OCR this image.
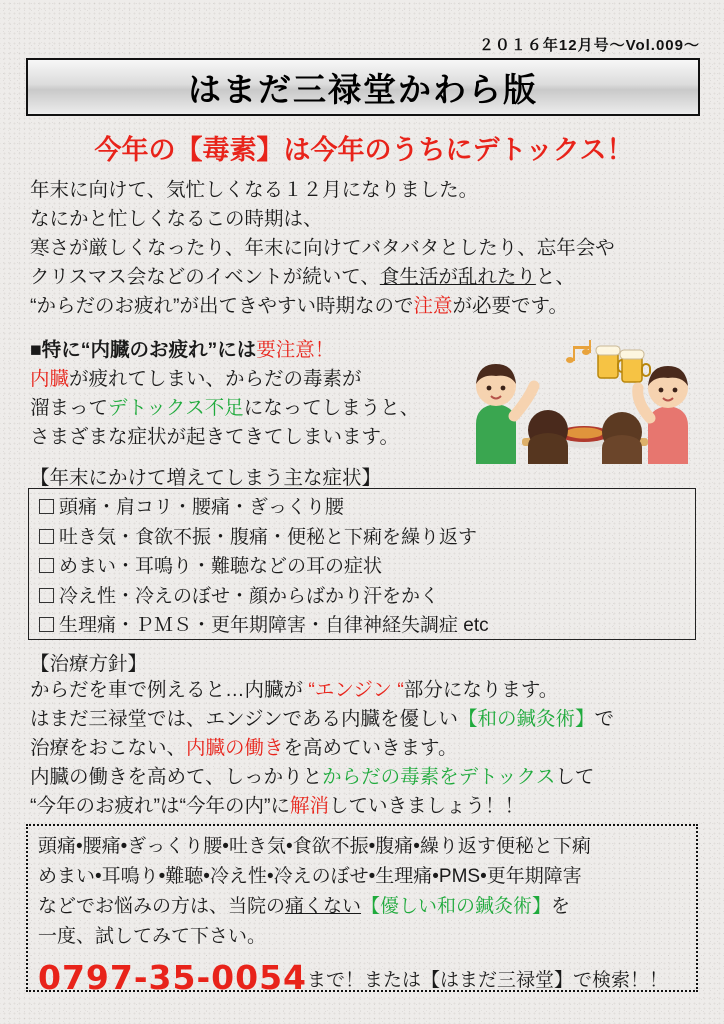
２０１６年12月号〜Vol.009〜
はまだ三禄堂かわら版
今年の【毒素】は今年のうちにデトックス！
年末に向けて、気忙しくなる１２月になりました。
なにかと忙しくなるこの時期は、
寒さが厳しくなったり、年末に向けてバタバタとしたり、忘年会や
クリスマス会などのイベントが続いて、食生活が乱れたりと、
“からだのお疲れ”が出てきやすい時期なので注意が必要です。
■特に“内臓のお疲れ”には要注意！
内臓が疲れてしまい、からだの毒素が
溜まってデトックス不足になってしまうと、
さまざまな症状が起きてきてしまいます。
【年末にかけて増えてしまう主な症状】
頭痛・肩コリ・腰痛・ぎっくり腰
吐き気・食欲不振・腹痛・便秘と下痢を繰り返す
めまい・耳鳴り・難聴などの耳の症状
冷え性・冷えのぼせ・顔からばかり汗をかく
生理痛・ＰＭＳ・更年期障害・自律神経失調症 etc
【治療方針】
からだを車で例えると…内臓が “エンジン “部分になります。
はまだ三禄堂では、エンジンである内臓を優しい【和の鍼灸術】で
治療をおこない、内臓の働きを高めていきます。
内臓の働きを高めて、しっかりとからだの毒素をデトックスして
“今年のお疲れ”は“今年の内”に解消していきましょう！！
頭痛•腰痛•ぎっくり腰•吐き気•食欲不振•腹痛•繰り返す便秘と下痢
めまい•耳鳴り•難聴•冷え性•冷えのぼせ•生理痛•PMS•更年期障害
などでお悩みの方は、当院の痛くない【優しい和の鍼灸術】を
一度、試してみて下さい。
0797-35-0054まで！または【はまだ三禄堂】で検索！！
